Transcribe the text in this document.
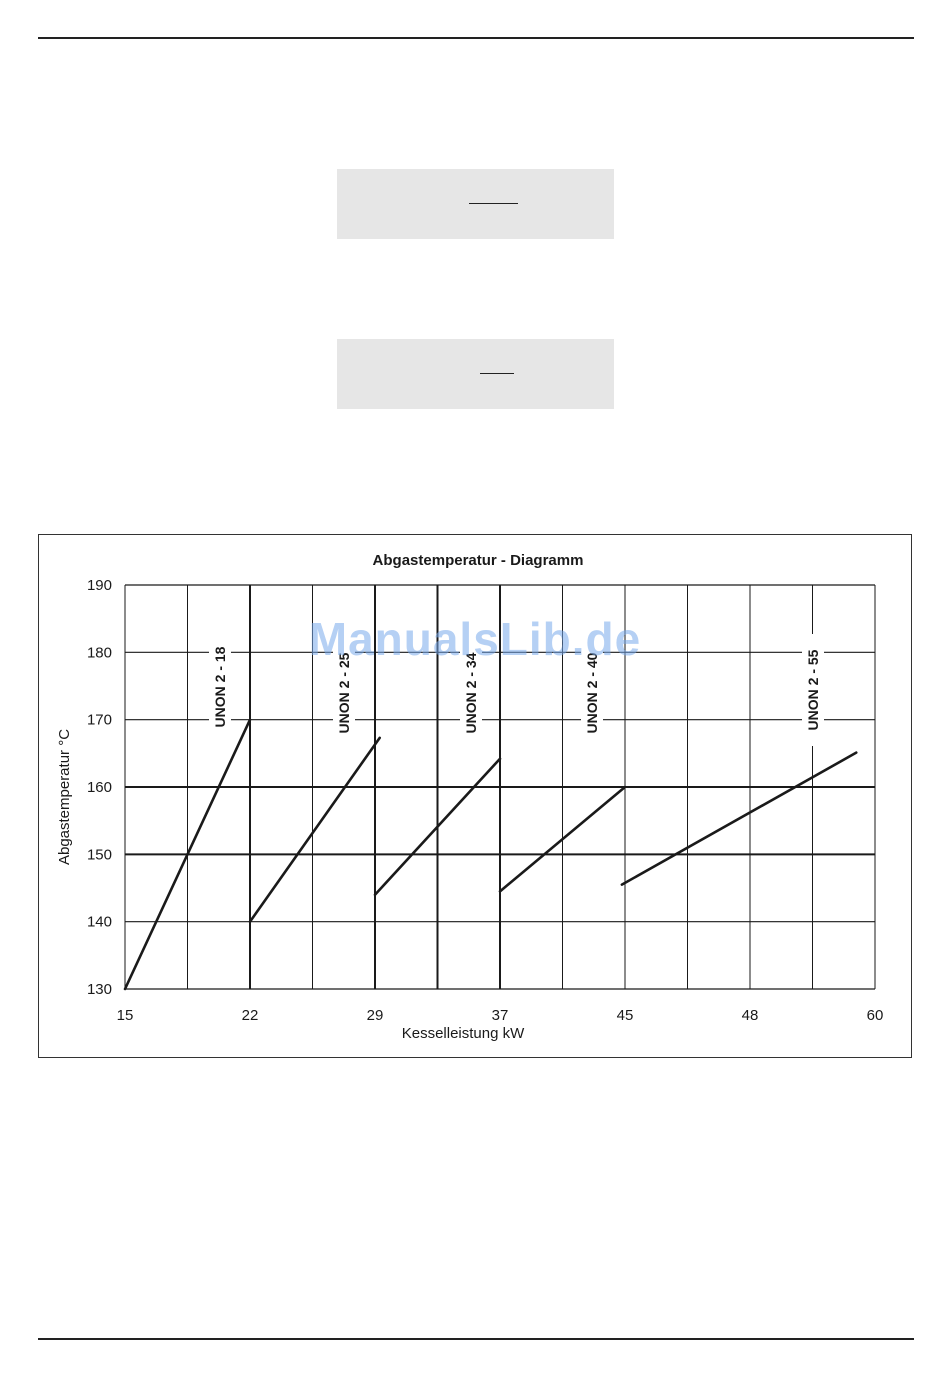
Abgastemperatur - Diagramm
130
140
150
160
170
180
190
15	22	29	37	45	48	60
Kesselleistung kW
Abgastemperatur °C
UNON 2 - 18	UNON 2 - 25	UNON 2 - 34	UNON 2 - 40	UNON 2 - 55
ManualsLib.de
